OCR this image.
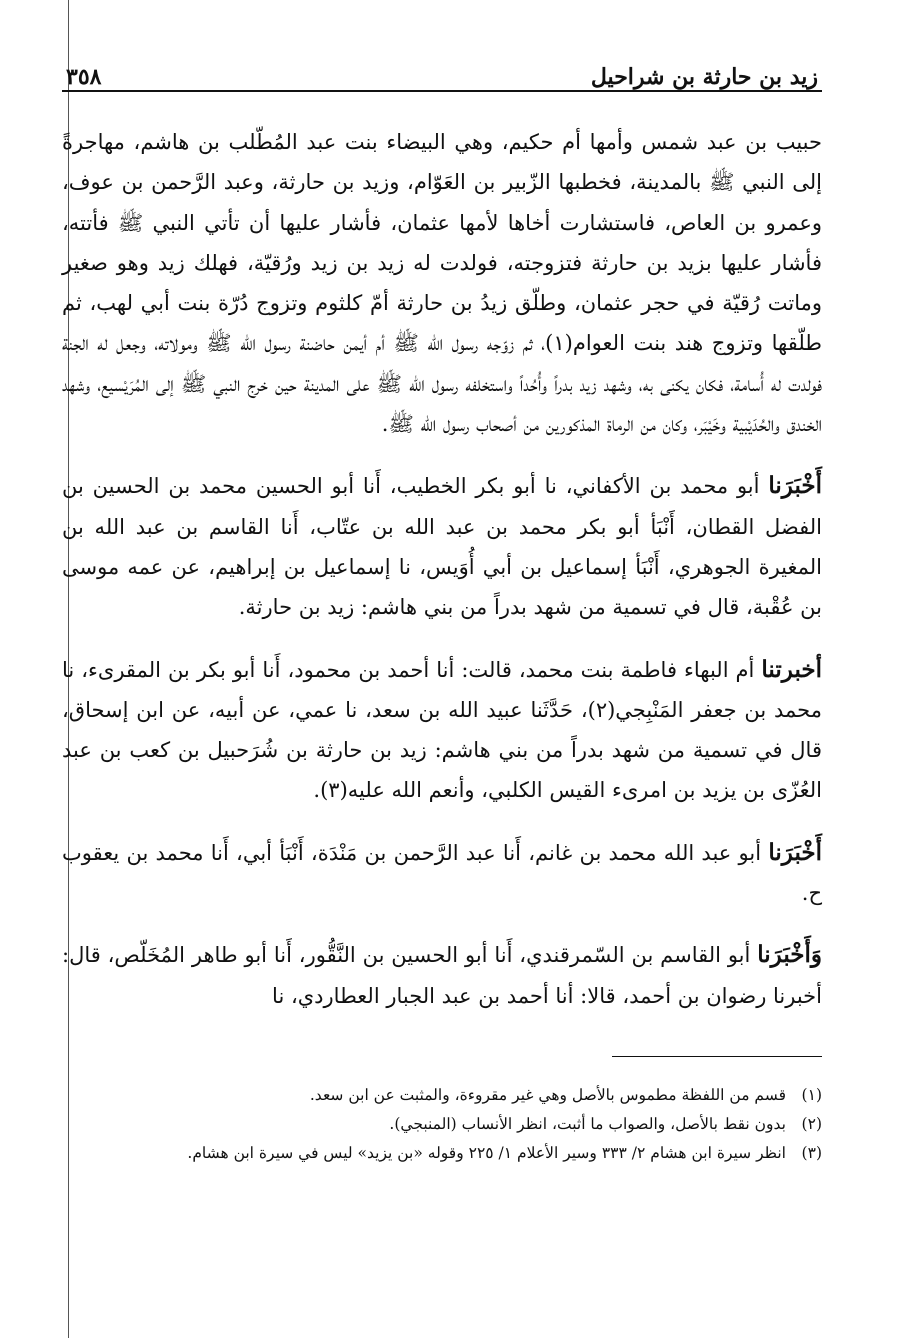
زيد بن حارثة بن شراحيل
٣٥٨

حبيب بن عبد شمس وأمها أم حكيم، وهي البيضاء بنت عبد المُطّلب بن هاشم، مهاجرةً إلى النبي ﷺ بالمدينة، فخطبها الزّبير بن العَوّام، وزيد بن حارثة، وعبد الرَّحمن بن عوف، وعمرو بن العاص، فاستشارت أخاها لأمها عثمان، فأشار عليها أن تأتي النبي ﷺ فأتته، فأشار عليها بزيد بن حارثة فتزوجته، فولدت له زيد بن زيد ورُقيّة، فهلك زيد وهو صغير وماتت رُقيّة في حجر عثمان، وطلّق زيدُ بن حارثة أمّ كلثوم وتزوج دُرّة بنت أبي لهب، ثم طلّقها وتزوج هند بنت العوام(١)، ثم زوّجه رسول الله ﷺ أم أيمن حاضنة رسول الله ﷺ ومولاته، وجعل له الجنة فولدت له أُسامة، فكان يكنى به، وشهد زيد بدراً وأُحُداً واستخلفه رسول الله ﷺ على المدينة حين خرج النبي ﷺ إلى المُرَيْسيع، وشهد الخندق والحُدَيْبية وخَيْبَر، وكان من الرماة المذكورين من أصحاب رسول الله ﷺ.

أَخْبَرَنا أبو محمد بن الأكفاني، نا أبو بكر الخطيب، أَنا أبو الحسين محمد بن الحسين بن الفضل القطان، أَنْبَأ أبو بكر محمد بن عبد الله بن عتّاب، أَنا القاسم بن عبد الله بن المغيرة الجوهري، أَنْبَأ إسماعيل بن أبي أُوَيس، نا إسماعيل بن إبراهيم، عن عمه موسى بن عُقْبة، قال في تسمية من شهد بدراً من بني هاشم: زيد بن حارثة.

أخبرتنا أم البهاء فاطمة بنت محمد، قالت: أنا أحمد بن محمود، أَنا أبو بكر بن المقرىء، نا محمد بن جعفر المَنْبِجي(٢)، حَدَّثَنا عبيد الله بن سعد، نا عمي، عن أبيه، عن ابن إسحاق، قال في تسمية من شهد بدراً من بني هاشم: زيد بن حارثة بن شُرَحبيل بن كعب بن عبد العُزّى بن يزيد بن امرىء القيس الكلبي، وأنعم الله عليه(٣).

أَخْبَرَنا أبو عبد الله محمد بن غانم، أَنا عبد الرَّحمن بن مَنْدَة، أَنْبَأ أبي، أَنا محمد بن يعقوب ح.

وَأَخْبَرَنا أبو القاسم بن السّمرقندي، أَنا أبو الحسين بن النَّقُّور، أَنا أبو طاهر المُخَلّص، قال: أخبرنا رضوان بن أحمد، قالا: أنا أحمد بن عبد الجبار العطاردي، نا

(١)
قسم من اللفظة مطموس بالأصل وهي غير مقروءة، والمثبت عن ابن سعد.
(٢)
بدون نقط بالأصل، والصواب ما أثبت، انظر الأنساب (المنبجي).
(٣)
انظر سيرة ابن هشام ٢/ ٣٣٣ وسير الأعلام ١/ ٢٢٥ وقوله «بن يزيد» ليس في سيرة ابن هشام.
